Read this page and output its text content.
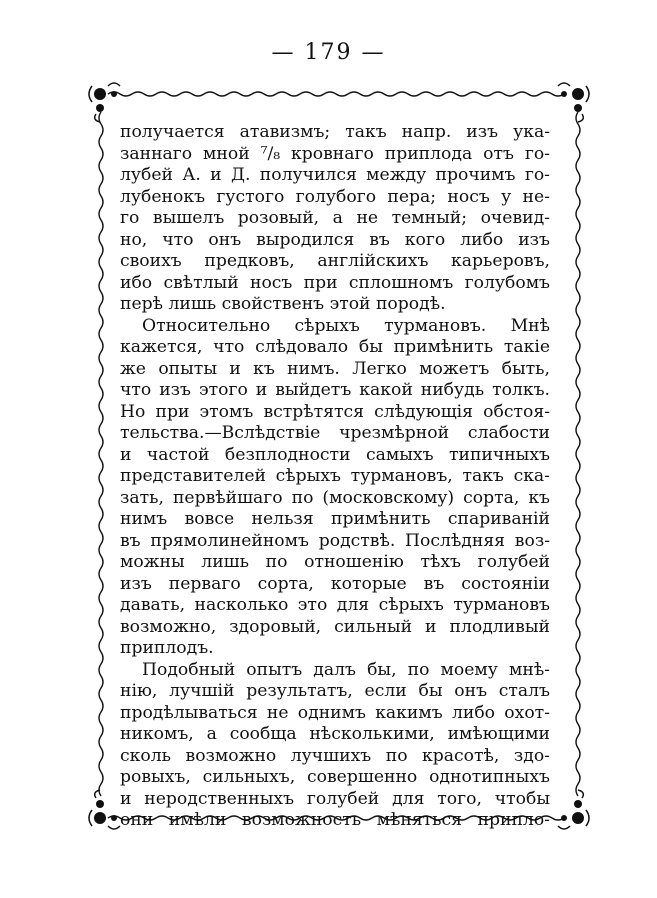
— 179 —
получается атавизмъ; такъ напр. изъ ука-
заннаго мной ⁷/₈ кровнаго приплода отъ го-
лубей А. и Д. получился между прочимъ го-
лубенокъ густого голубого пера; носъ у не-
го вышелъ розовый, а не темный; очевид-
но, что онъ выродился въ кого либо изъ
своихъ предковъ, англійскихъ карьеровъ,
ибо свѣтлый носъ при сплошномъ голубомъ
перѣ лишь свойственъ этой породѣ.
Относительно сѣрыхъ турмановъ. Мнѣ
кажется, что слѣдовало бы примѣнить такіе
же опыты и къ нимъ. Легко можетъ быть,
что изъ этого и выйдетъ какой нибудь толкъ.
Но при этомъ встрѣтятся слѣдующія обстоя-
тельства.—Вслѣдствіе чрезмѣрной слабости
и частой безплодности самыхъ типичныхъ
представителей сѣрыхъ турмановъ, такъ ска-
зать, первѣйшаго по (московскому) сорта, къ
нимъ вовсе нельзя примѣнить спариваній
въ прямолинейномъ родствѣ. Послѣдняя воз-
можны лишь по отношенію тѣхъ голубей
изъ перваго сорта, которые въ состояніи
давать, насколько это для сѣрыхъ турмановъ
возможно, здоровый, сильный и плодливый
приплодъ.
Подобный опытъ далъ бы, по моему мнѣ-
нію, лучшій результатъ, если бы онъ сталъ
продѣлываться не однимъ какимъ либо охот-
никомъ, а сообща нѣсколькими, имѣющими
сколь возможно лучшихъ по красотѣ, здо-
ровыхъ, сильныхъ, совершенно однотипныхъ
и неродственныхъ голубей для того, чтобы
они имѣли возможность мѣняться припло-
